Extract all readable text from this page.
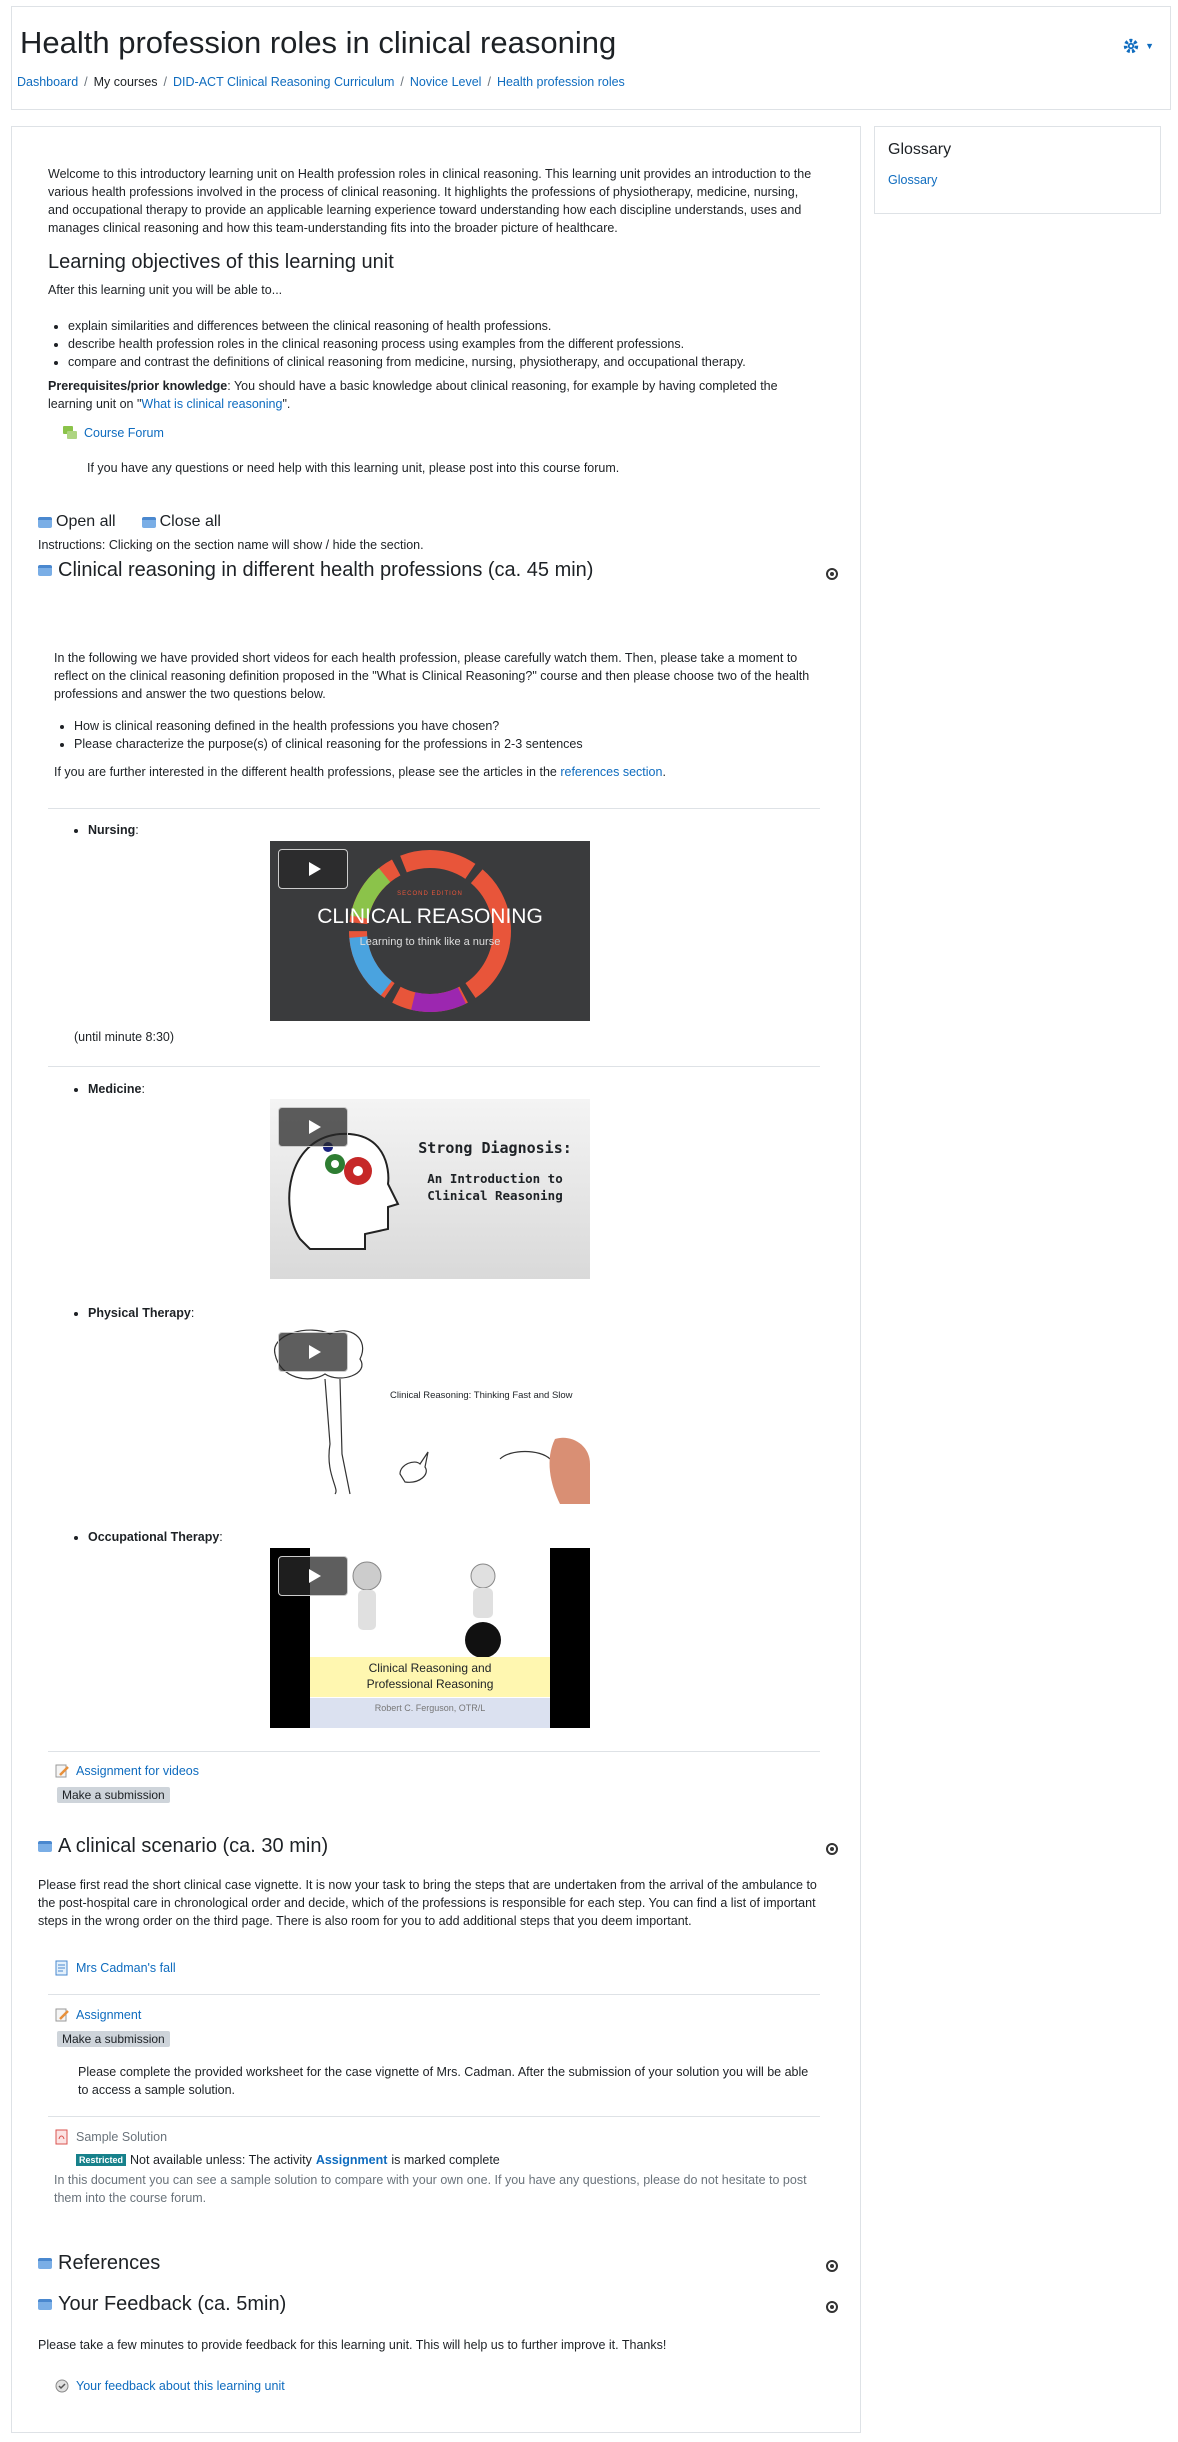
Health profession roles in clinical reasoning	▼
Dashboard / My courses / DID-ACT Clinical Reasoning Curriculum / Novice Level / Health profession roles
Glossary
Glossary

Welcome to this introductory learning unit on Health profession roles in clinical reasoning. This learning unit provides an introduction to the various health professions involved in the process of clinical reasoning. It highlights the professions of physiotherapy, medicine, nursing, and occupational therapy to provide an applicable learning experience toward understanding how each discipline understands, uses and manages clinical reasoning and how this team-understanding fits into the broader picture of healthcare.

Learning objectives of this learning unit

After this learning unit you will be able to...

• explain similarities and differences between the clinical reasoning of health professions.
• describe health profession roles in the clinical reasoning process using examples from the different professions.
• compare and contrast the definitions of clinical reasoning from medicine, nursing, physiotherapy, and occupational therapy.

Prerequisites/prior knowledge: You should have a basic knowledge about clinical reasoning, for example by having completed the learning unit on "What is clinical reasoning".

Course Forum

If you have any questions or need help with this learning unit, please post into this course forum.

Open all	Close all

Instructions: Clicking on the section name will show / hide the section.

Clinical reasoning in different health professions (ca. 45 min)

In the following we have provided short videos for each health profession, please carefully watch them. Then, please take a moment to reflect on the clinical reasoning definition proposed in the "What is Clinical Reasoning?" course and then please choose two of the health professions and answer the two questions below.

• How is clinical reasoning defined in the health professions you have chosen?
• Please characterize the purpose(s) of clinical reasoning for the professions in 2-3 sentences

If you are further interested in the different health professions, please see the articles in the references section.

• Nursing:
SECOND EDITION
CLINICAL REASONING
Learning to think like a nurse

(until minute 8:30)

• Medicine:
Strong Diagnosis:
An Introduction to
Clinical Reasoning
• Physical Therapy:
Clinical Reasoning: Thinking Fast and Slow
• Occupational Therapy:
Clinical Reasoning and
Professional Reasoning
Robert C. Ferguson, OTR/L
Assignment for videos
Make a submission
A clinical scenario (ca. 30 min)

Please first read the short clinical case vignette. It is now your task to bring the steps that are undertaken from the arrival of the ambulance to the post-hospital care in chronological order and decide, which of the professions is responsible for each step. You can find a list of important steps in the wrong order on the third page. There is also room for you to add additional steps that you deem important.

Mrs Cadman's fall
Assignment
Make a submission

Please complete the provided worksheet for the case vignette of Mrs. Cadman. After the submission of your solution you will be able to access a sample solution.

Sample Solution
Restricted Not available unless: The activity Assignment is marked complete

In this document you can see a sample solution to compare with your own one. If you have any questions, please do not hesitate to post them into the course forum.

References
Your Feedback (ca. 5min)

Please take a few minutes to provide feedback for this learning unit. This will help us to further improve it. Thanks!

Your feedback about this learning unit
